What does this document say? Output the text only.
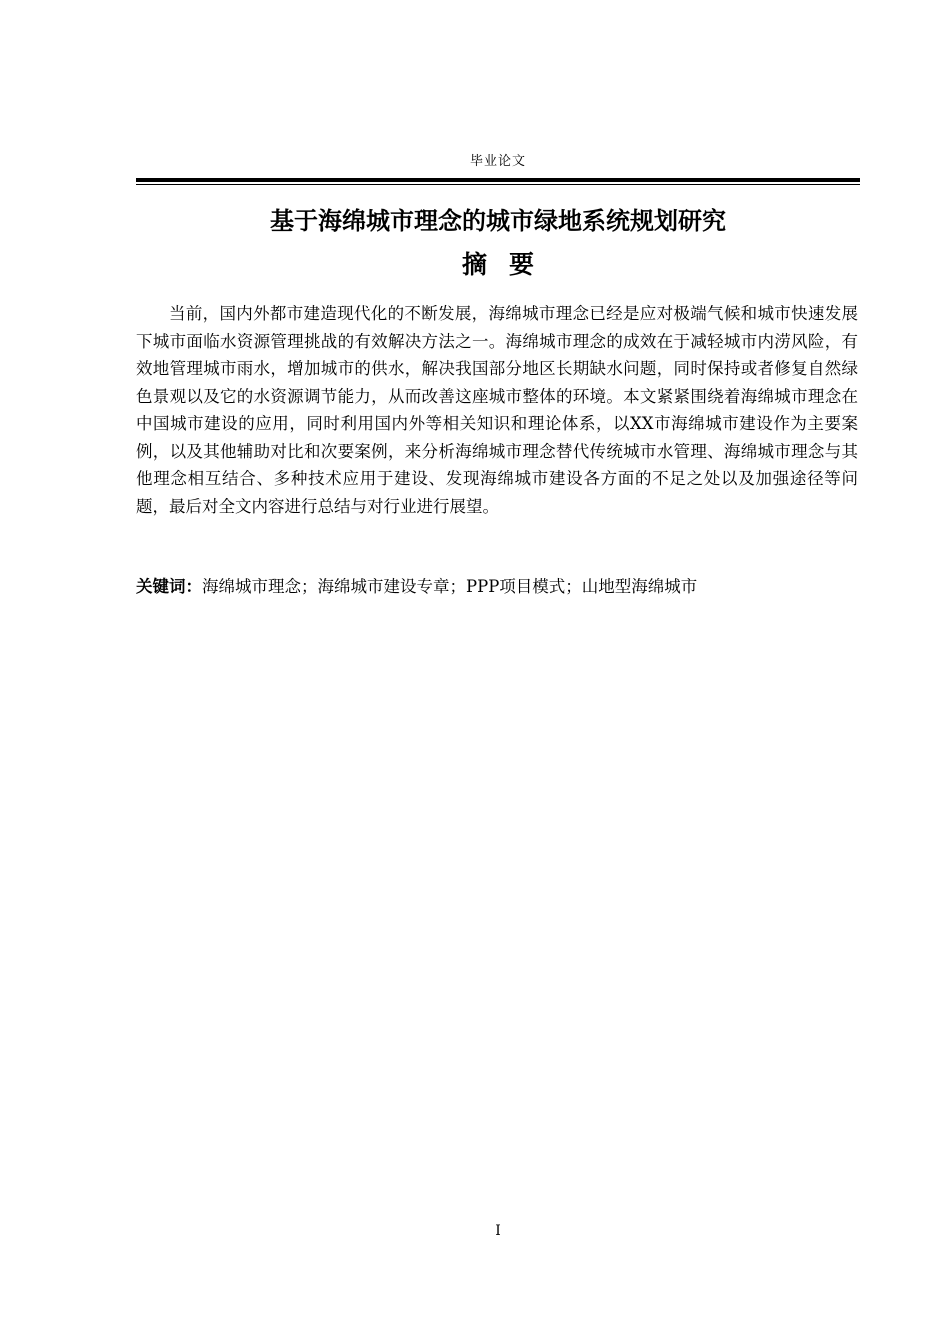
毕业论文
基于海绵城市理念的城市绿地系统规划研究
摘要

当前，国内外都市建造现代化的不断发展，海绵城市理念已经是应对极端气候和城市快速发展下城市面临水资源管理挑战的有效解决方法之一。海绵城市理念的成效在于减轻城市内涝风险，有效地管理城市雨水，增加城市的供水，解决我国部分地区长期缺水问题，同时保持或者修复自然绿色景观以及它的水资源调节能力，从而改善这座城市整体的环境。本文紧紧围绕着海绵城市理念在中国城市建设的应用，同时利用国内外等相关知识和理论体系，以XX市海绵城市建设作为主要案例，以及其他辅助对比和次要案例，来分析海绵城市理念替代传统城市水管理、海绵城市理念与其他理念相互结合、多种技术应用于建设、发现海绵城市建设各方面的不足之处以及加强途径等问题，最后对全文内容进行总结与对行业进行展望。

关键词：海绵城市理念；海绵城市建设专章；PPP项目模式；山地型海绵城市

I
